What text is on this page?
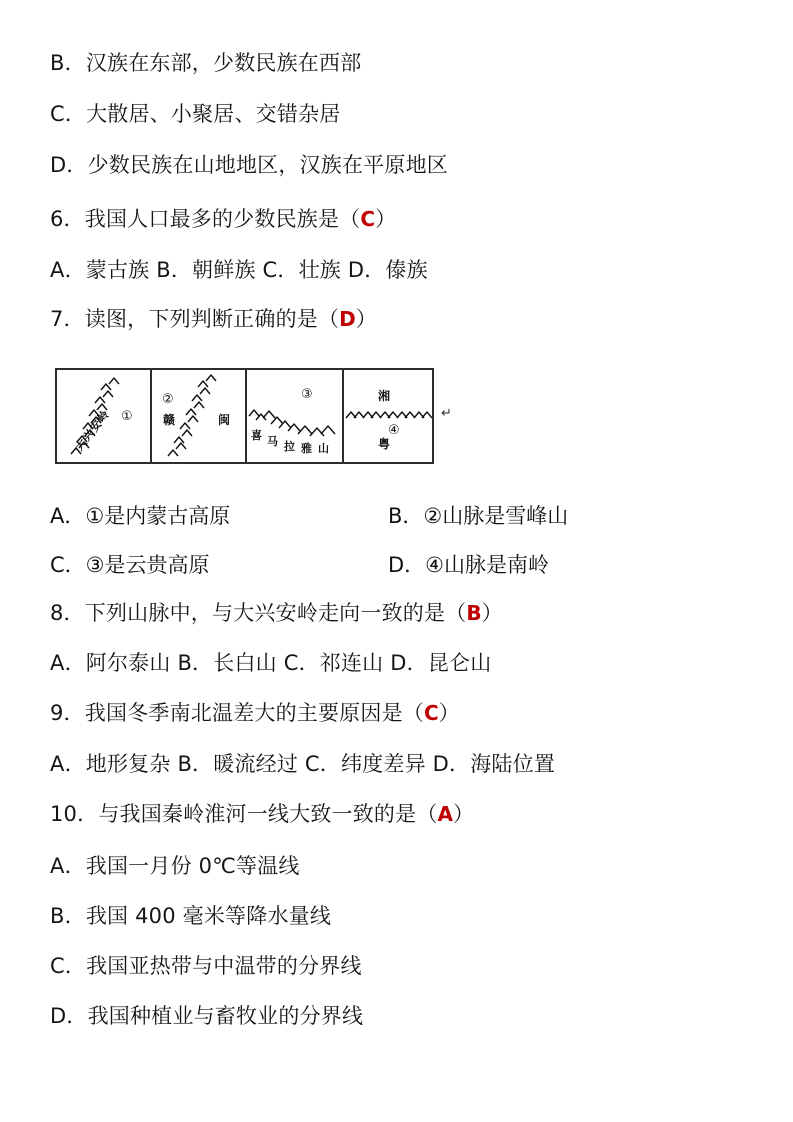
B．汉族在东部，少数民族在西部
C．大散居、小聚居、交错杂居
D．少数民族在山地地区，汉族在平原地区
6．我国人口最多的少数民族是（C）
A．蒙古族 B．朝鲜族 C．壮族 D．傣族
7．读图，下列判断正确的是（D）
大兴安岭 ①
②
赣	闽
③
喜 马 拉 雅 山
湘
④
粤
↵
A．①是内蒙古高原	B．②山脉是雪峰山
C．③是云贵高原	D．④山脉是南岭
8．下列山脉中，与大兴安岭走向一致的是（B）
A．阿尔泰山 B．长白山 C．祁连山 D．昆仑山
9．我国冬季南北温差大的主要原因是（C）
A．地形复杂 B．暖流经过 C．纬度差异 D．海陆位置
10．与我国秦岭淮河一线大致一致的是（A）
A．我国一月份 0℃等温线
B．我国 400 毫米等降水量线
C．我国亚热带与中温带的分界线
D．我国种植业与畜牧业的分界线
